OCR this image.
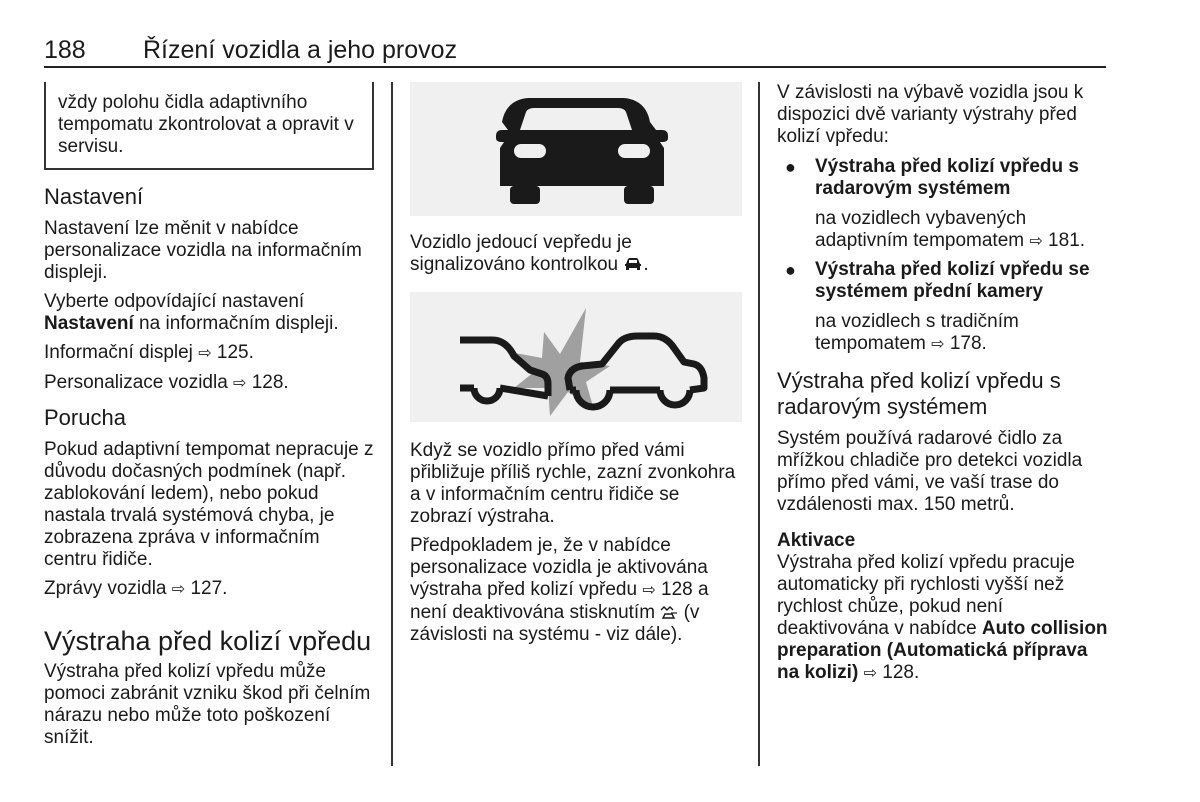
188 Řízení vozidla a jeho provoz
vždy polohu čidla adaptivního tempomatu zkontrolovat a opravit v servisu.
Nastavení

Nastavení lze měnit v nabídce personalizace vozidla na informačním displeji.

Vyberte odpovídající nastavení Nastavení na informačním displeji.

Informační displej ⇨ 125.

Personalizace vozidla ⇨ 128.

Porucha

Pokud adaptivní tempomat nepracuje z důvodu dočasných podmínek (např. zablokování ledem), nebo pokud nastala trvalá systémová chyba, je zobrazena zpráva v informačním centru řidiče.

Zprávy vozidla ⇨ 127.

Výstraha před kolizí vpředu

Výstraha před kolizí vpředu může pomoci zabránit vzniku škod při čelním nárazu nebo může toto poškození snížit.

Vozidlo jedoucí vepředu je signalizováno kontrolkou .

Když se vozidlo přímo před vámi přibližuje příliš rychle, zazní zvonkohra a v informačním centru řidiče se zobrazí výstraha.

Předpokladem je, že v nabídce personalizace vozidla je aktivována výstraha před kolizí vpředu ⇨ 128 a není deaktivována stisknutím  (v závislosti na systému - viz dále).

V závislosti na výbavě vozidla jsou k dispozici dvě varianty výstrahy před kolizí vpředu:

● Výstraha před kolizí vpředu s radarovým systémem
na vozidlech vybavených adaptivním tempomatem ⇨ 181.
● Výstraha před kolizí vpředu se systémem přední kamery
na vozidlech s tradičním tempomatem ⇨ 178.
Výstraha před kolizí vpředu s radarovým systémem

Systém používá radarové čidlo za mřížkou chladiče pro detekci vozidla přímo před vámi, ve vaší trase do vzdálenosti max. 150 metrů.

Aktivace

Výstraha před kolizí vpředu pracuje automaticky při rychlosti vyšší než rychlost chůze, pokud není deaktivována v nabídce Auto collision preparation (Automatická příprava na kolizi) ⇨ 128.
